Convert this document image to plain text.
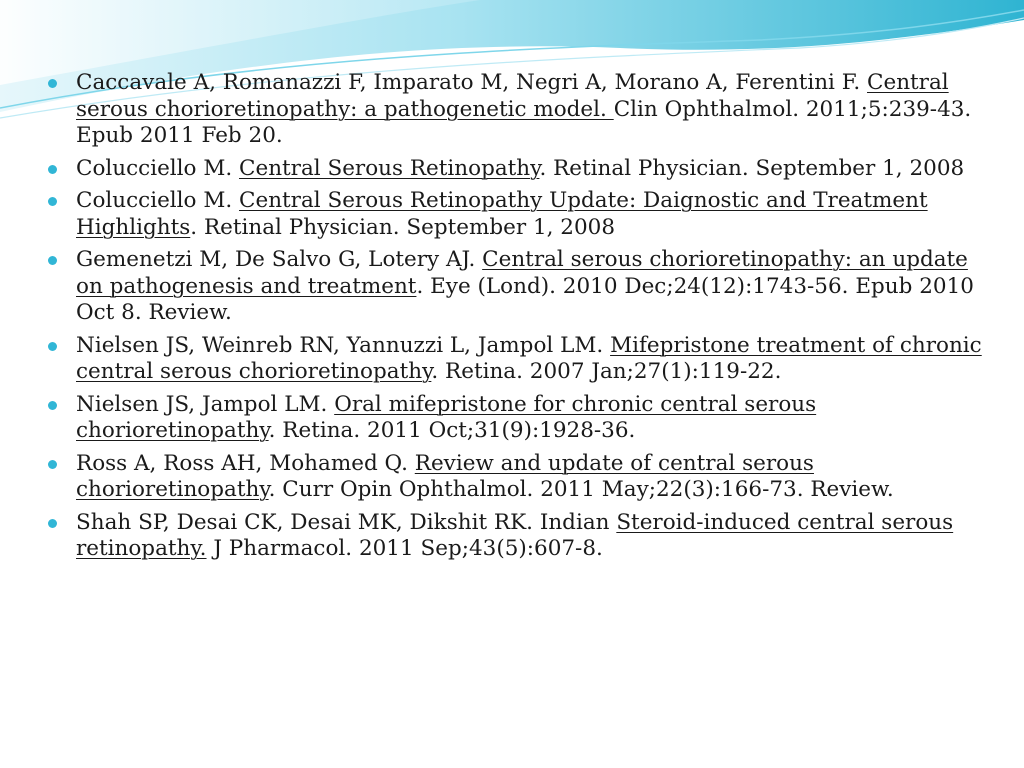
Caccavale A, Romanazzi F, Imparato M, Negri A, Morano A, Ferentini F. Central serous chorioretinopathy: a pathogenetic model. Clin Ophthalmol. 2011;5:239-43. Epub 2011 Feb 20.
Colucciello M. Central Serous Retinopathy. Retinal Physician. September 1, 2008
Colucciello M. Central Serous Retinopathy Update: Daignostic and Treatment Highlights. Retinal Physician. September 1, 2008
Gemenetzi M, De Salvo G, Lotery AJ. Central serous chorioretinopathy: an update on pathogenesis and treatment. Eye (Lond). 2010 Dec;24(12):1743-56. Epub 2010 Oct 8. Review.
Nielsen JS, Weinreb RN, Yannuzzi L, Jampol LM. Mifepristone treatment of chronic central serous chorioretinopathy. Retina. 2007 Jan;27(1):119-22.
Nielsen JS, Jampol LM. Oral mifepristone for chronic central serous chorioretinopathy. Retina. 2011 Oct;31(9):1928-36.
Ross A, Ross AH, Mohamed Q. Review and update of central serous chorioretinopathy. Curr Opin Ophthalmol. 2011 May;22(3):166-73. Review.
Shah SP, Desai CK, Desai MK, Dikshit RK. Indian Steroid-induced central serous retinopathy. J Pharmacol. 2011 Sep;43(5):607-8.
